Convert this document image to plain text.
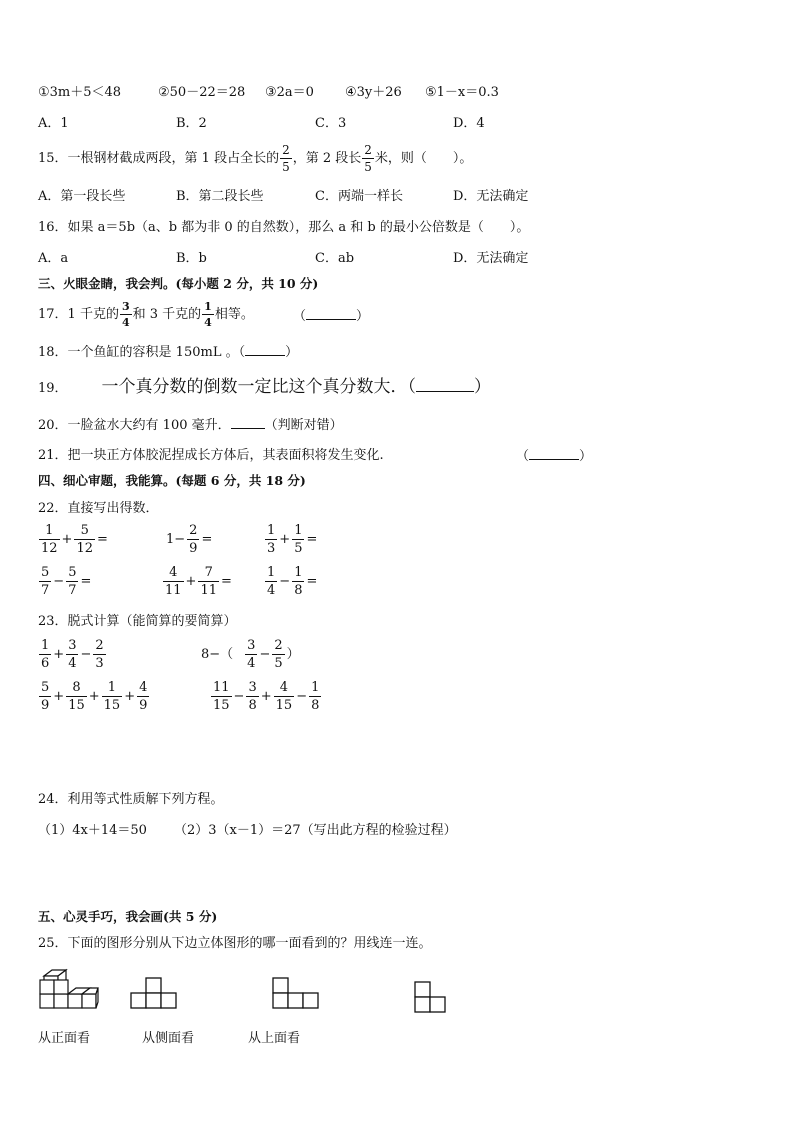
①3m＋5＜48	②50－22＝28 ③2a＝0 ④3y＋26 ⑤1－x＝0.3
A．1	B．2	C．3	D．4
15．一根钢材截成两段，第 1 段占全长的 $\frac{2}{5}$ ，第 2 段长 $\frac{2}{5}$ 米，则（　　）。
A．第一段长些	B．第二段长些	C．两端一样长	D．无法确定
16．如果 a＝5b（a、b 都为非 0 的自然数），那么 a 和 b 的最小公倍数是（　　）。
A．a	B．b	C．ab	D．无法确定
三、火眼金睛，我会判。(每小题 2 分，共 10 分)
17．1 千克的 $\frac{3}{4}$ 和 3 千克的 $\frac{1}{4}$ 相等。	（	）
18．一个鱼缸的容积是 150mL 。（	）
19． 一个真分数的倒数一定比这个真分数大．（	）
20．一脸盆水大约有 100 毫升．	（判断对错）
21．把一块正方体胶泥捏成长方体后，其表面积将发生变化.	（	）
四、细心审题，我能算。(每题 6 分，共 18 分)
22．直接写出得数．
$\frac{1}{12} + \frac{5}{12}$ =	$1- \frac{2}{9}$ =	$\frac{1}{3} + \frac{1}{5}$ =
$\frac{5}{7} - \frac{5}{7}$ =	$\frac{4}{11} + \frac{7}{11}$ =	$\frac{1}{4} - \frac{1}{8}$ =
23．脱式计算（能简算的要简算）
$\frac{1}{6} + \frac{3}{4} - \frac{2}{3}$	$8-( \frac{3}{4} - \frac{2}{5}$ ）
$\frac{5}{9} + \frac{8}{15} + \frac{1}{15} + \frac{4}{9}$	$\frac{11}{15} - \frac{3}{8} + \frac{4}{15} - \frac{1}{8}$
24．利用等式性质解下列方程。
（1）4x＋14＝50 （2）3（x－1）＝27（写出此方程的检验过程）
五、心灵手巧，我会画(共 5 分)
25．下面的图形分别从下边立体图形的哪一面看到的？用线连一连。
从正面看	从侧面看	从上面看
